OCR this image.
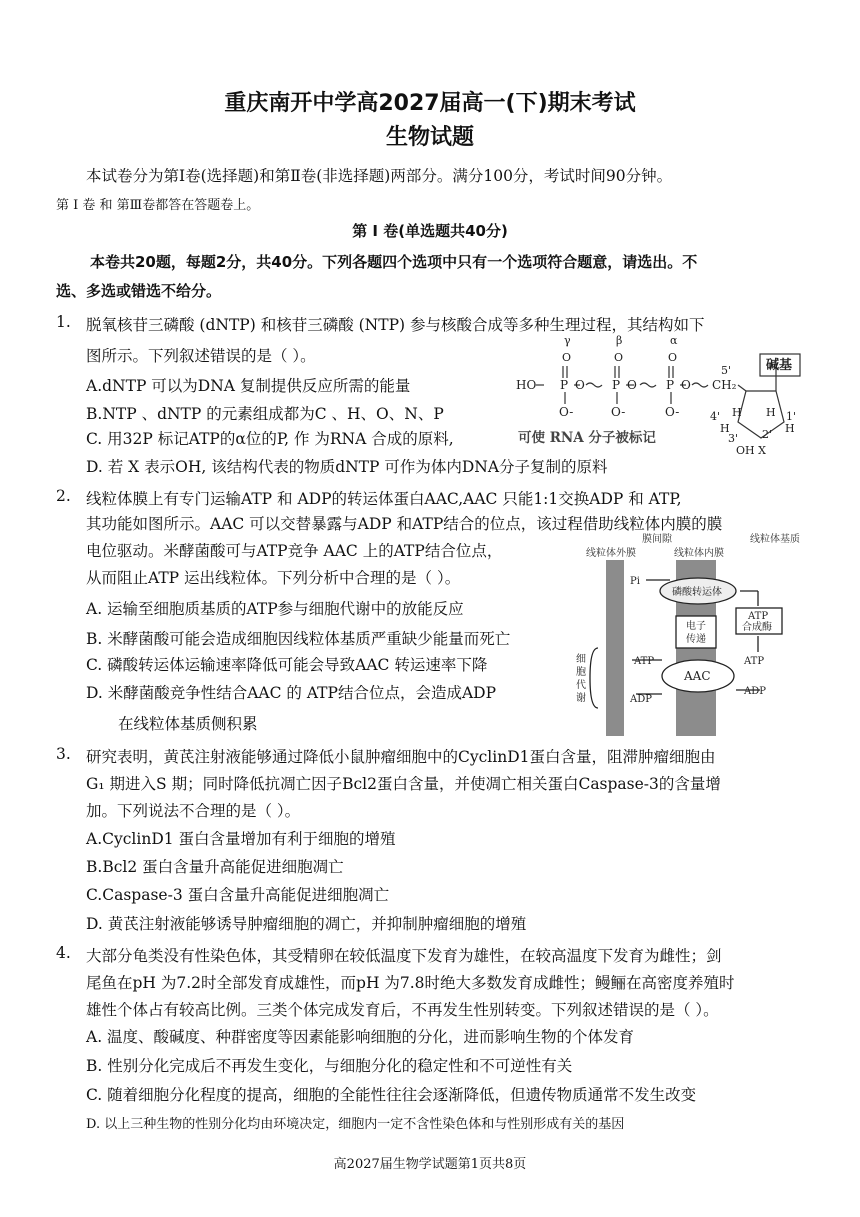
重庆南开中学高2027届高一(下)期末考试
生物试题
本试卷分为第Ⅰ卷(选择题)和第Ⅱ卷(非选择题)两部分。满分100分，考试时间90分钟。
第 Ⅰ 卷 和 第Ⅲ卷都答在答题卷上。
第 Ⅰ 卷(单选题共40分)
本卷共20题，每题2分，共40分。下列各题四个选项中只有一个选项符合题意，请选出。不
选、多选或错选不给分。
1. 脱氧核苷三磷酸 (dNTP) 和核苷三磷酸 (NTP) 参与核酸合成等多种生理过程，其结构如下
图所示。下列叙述错误的是（ ）。
A.dNTP 可以为DNA 复制提供反应所需的能量
B.NTP 、dNTP 的元素组成都为C 、H、O、N、P
C. 用32P 标记ATP的α位的P, 作 为RNA 合成的原料,
D. 若 X 表示OH, 该结构代表的物质dNTP 可作为体内DNA分子复制的原料
γ	β	α
O	O	O
HO P	P	P
O-	O-	O-
O	O	O CH₂
碱基
5'
4'	1'
H H
H	H
3' 2'
OH X
可使 RNA 分子被标记
2. 线粒体膜上有专门运输ATP 和 ADP的转运体蛋白AAC,AAC 只能1:1交换ADP 和 ATP,
其功能如图所示。AAC 可以交替暴露与ADP 和ATP结合的位点，该过程借助线粒体内膜的膜
电位驱动。米酵菌酸可与ATP竞争 AAC 上的ATP结合位点，
从而阻止ATP 运出线粒体。下列分析中合理的是（ ）。
A. 运输至细胞质基质的ATP参与细胞代谢中的放能反应
B. 米酵菌酸可能会造成细胞因线粒体基质严重缺少能量而死亡
C. 磷酸转运体运输速率降低可能会导致AAC 转运速率下降
D. 米酵菌酸竞争性结合AAC 的 ATP结合位点，会造成ADP
在线粒体基质侧积累
膜间隙	线粒体基质
线粒体外膜	线粒体内膜
Pi
磷酸转运体
ATP
合成酶
电子
传递
AAC
ATP	ATP
ADP
ADP
细
胞
代
谢
3. 研究表明，黄芪注射液能够通过降低小鼠肿瘤细胞中的CyclinD1蛋白含量，阻滞肿瘤细胞由
G₁ 期进入S 期；同时降低抗凋亡因子Bcl2蛋白含量，并使凋亡相关蛋白Caspase-3的含量增
加。下列说法不合理的是（ ）。
A.CyclinD1 蛋白含量增加有利于细胞的增殖
B.Bcl2 蛋白含量升高能促进细胞凋亡
C.Caspase-3 蛋白含量升高能促进细胞凋亡
D. 黄芪注射液能够诱导肿瘤细胞的凋亡，并抑制肿瘤细胞的增殖
4. 大部分龟类没有性染色体，其受精卵在较低温度下发育为雄性，在较高温度下发育为雌性；剑
尾鱼在pH 为7.2时全部发育成雄性，而pH 为7.8时绝大多数发育成雌性；鳗鲡在高密度养殖时
雄性个体占有较高比例。三类个体完成发育后，不再发生性别转变。下列叙述错误的是（ ）。
A. 温度、酸碱度、种群密度等因素能影响细胞的分化，进而影响生物的个体发育
B. 性别分化完成后不再发生变化，与细胞分化的稳定性和不可逆性有关
C. 随着细胞分化程度的提高，细胞的全能性往往会逐渐降低，但遗传物质通常不发生改变
D. 以上三种生物的性别分化均由环境决定，细胞内一定不含性染色体和与性别形成有关的基因
高2027届生物学试题第1页共8页
